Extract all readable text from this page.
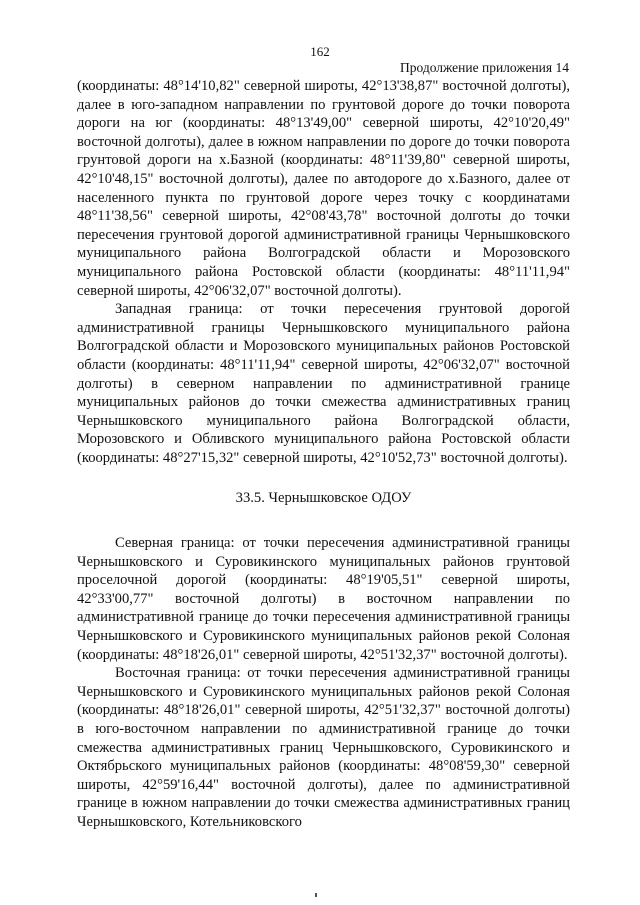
162
Продолжение приложения 14

(координаты: 48°14'10,82" северной широты, 42°13'38,87" восточной долготы), далее в юго-западном направлении по грунтовой дороге до точки поворота дороги на юг (координаты: 48°13'49,00" северной широты, 42°10'20,49" восточной долготы), далее в южном направлении по дороге до точки поворота грунтовой дороги на х.Базной (координаты: 48°11'39,80" северной широты, 42°10'48,15" восточной долготы), далее по автодороге до х.Базного, далее от населенного пункта по грунтовой дороге через точку с координатами 48°11'38,56" северной широты, 42°08'43,78" восточной долготы до точки пересечения грунтовой дорогой административной границы Чернышковского муниципального района Волгоградской области и Морозовского муниципального района Ростовской области (координаты: 48°11'11,94" северной широты, 42°06'32,07" восточной долготы).

Западная граница: от точки пересечения грунтовой дорогой административной границы Чернышковского муниципального района Волгоградской области и Морозовского муниципальных районов Ростовской области (координаты: 48°11'11,94" северной широты, 42°06'32,07" восточной долготы) в северном направлении по административной границе муниципальных районов до точки смежества административных границ Чернышковского муниципального района Волгоградской области, Морозовского и Обливского муниципального района Ростовской области (координаты: 48°27'15,32" северной широты, 42°10'52,73" восточной долготы).

33.5. Чернышковское ОДОУ

Северная граница: от точки пересечения административной границы Чернышковского и Суровикинского муниципальных районов грунтовой проселочной дорогой (координаты: 48°19'05,51" северной широты, 42°33'00,77" восточной долготы) в восточном направлении по административной границе до точки пересечения административной границы Чернышковского и Суровикинского муниципальных районов рекой Солоная (координаты: 48°18'26,01" северной широты, 42°51'32,37" восточной долготы).

Восточная граница: от точки пересечения административной границы Чернышковского и Суровикинского муниципальных районов рекой Солоная (координаты: 48°18'26,01" северной широты, 42°51'32,37" восточной долготы) в юго-восточном направлении по административной границе до точки смежества административных границ Чернышковского, Суровикинского и Октябрьского муниципальных районов (координаты: 48°08'59,30" северной широты, 42°59'16,44" восточной долготы), далее по административной границе в южном направлении до точки смежества административных границ Чернышковского, Котельниковского
